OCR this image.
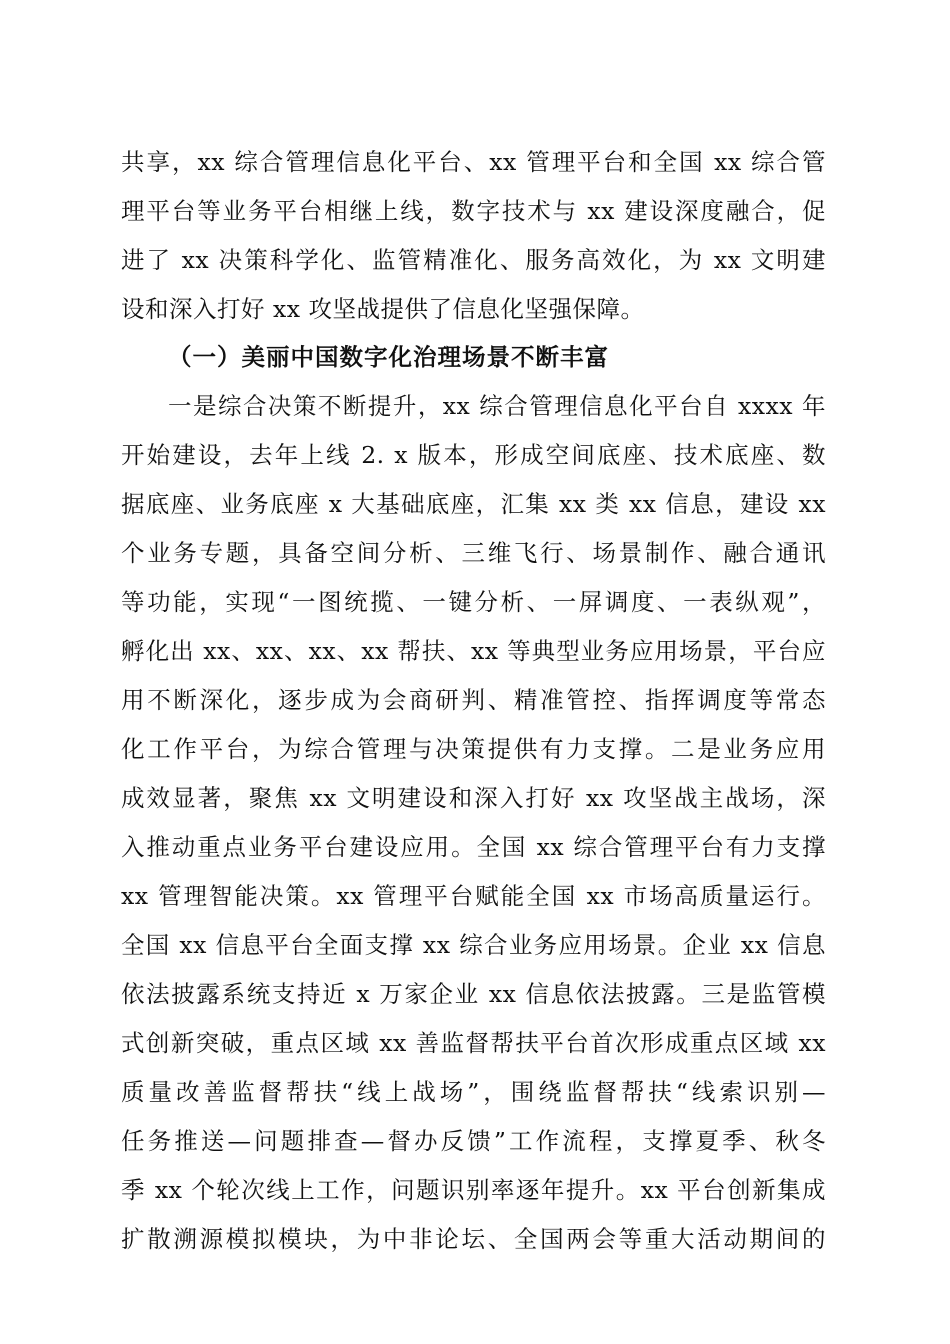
共享，xx 综合管理信息化平台、xx 管理平台和全国 xx 综合管
理平台等业务平台相继上线，数字技术与 xx 建设深度融合，促
进了 xx 决策科学化、监管精准化、服务高效化，为 xx 文明建
设和深入打好 xx 攻坚战提供了信息化坚强保障。
（一）美丽中国数字化治理场景不断丰富
一是综合决策不断提升，xx 综合管理信息化平台自 xxxx 年
开始建设，去年上线 2. x 版本，形成空间底座、技术底座、数
据底座、业务底座 x 大基础底座，汇集 xx 类 xx 信息，建设 xx
个业务专题，具备空间分析、三维飞行、场景制作、融合通讯
等功能，实现“一图统揽、一键分析、一屏调度、一表纵观”，
孵化出 xx、xx、xx、xx 帮扶、xx 等典型业务应用场景，平台应
用不断深化，逐步成为会商研判、精准管控、指挥调度等常态
化工作平台，为综合管理与决策提供有力支撑。二是业务应用
成效显著，聚焦 xx 文明建设和深入打好 xx 攻坚战主战场，深
入推动重点业务平台建设应用。全国 xx 综合管理平台有力支撑
xx 管理智能决策。xx 管理平台赋能全国 xx 市场高质量运行。
全国 xx 信息平台全面支撑 xx 综合业务应用场景。企业 xx 信息
依法披露系统支持近 x 万家企业 xx 信息依法披露。三是监管模
式创新突破，重点区域 xx 善监督帮扶平台首次形成重点区域 xx
质量改善监督帮扶“线上战场”，围绕监督帮扶“线索识别—
任务推送—问题排查—督办反馈”工作流程，支撑夏季、秋冬
季 xx 个轮次线上工作，问题识别率逐年提升。xx 平台创新集成
扩散溯源模拟模块，为中非论坛、全国两会等重大活动期间的
